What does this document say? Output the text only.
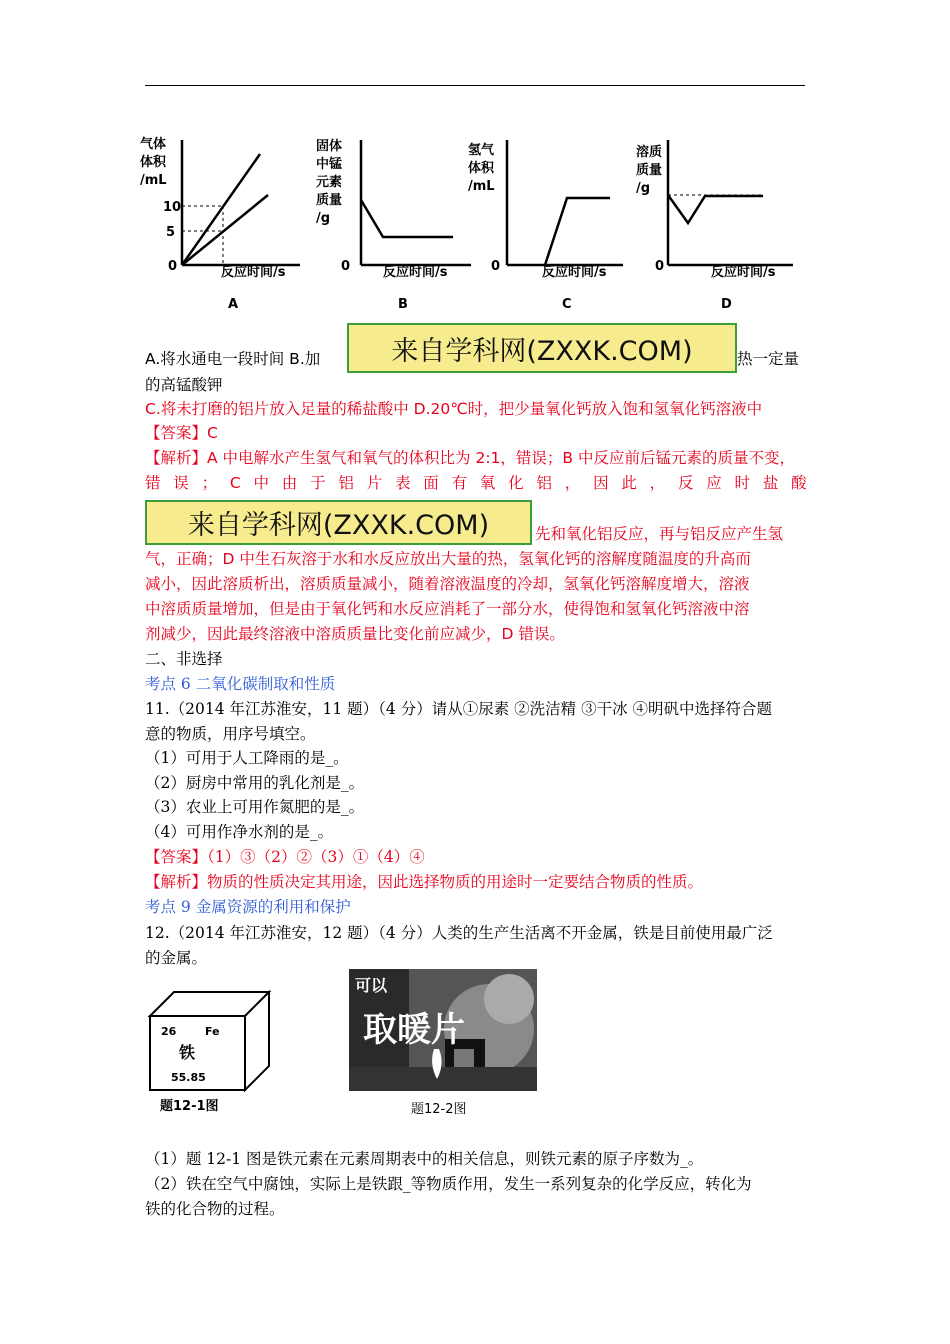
气体
体积
/mL
10
5
0	反应时间/s
A
固体
中锰
元素
质量
/g
0	反应时间/s
B
氢气
体积
/mL
0	反应时间/s
C
溶质
质量
/g
0	反应时间/s
D
A.将水通电一段时间 B.加	热一定量
来自学科网(ZXXK.COM)
的高锰酸钾
C.将未打磨的铝片放入足量的稀盐酸中 D.20℃时，把少量氧化钙放入饱和氢氧化钙溶液中
【答案】C
【解析】A 中电解水产生氢气和氧气的体积比为 2:1，错误；B 中反应前后锰元素的质量不变，
错 误 ； C 中 由 于 铝 片 表 面 有 氧 化 铝 ， 因 此 ， 反 应 时 盐 酸
来自学科网(ZXXK.COM)	先和氧化铝反应，再与铝反应产生氢
气，正确；D 中生石灰溶于水和水反应放出大量的热，氢氧化钙的溶解度随温度的升高而
减小，因此溶质析出，溶质质量减小，随着溶液温度的冷却，氢氧化钙溶解度增大，溶液
中溶质质量增加，但是由于氧化钙和水反应消耗了一部分水，使得饱和氢氧化钙溶液中溶
剂减少，因此最终溶液中溶质质量比变化前应减少，D 错误。
二、非选择
考点 6 二氧化碳制取和性质
11.（2014 年江苏淮安，11 题）（4 分）请从①尿素 ②洗洁精 ③干冰 ④明矾中选择符合题
意的物质，用序号填空。
（1）可用于人工降雨的是_。
（2）厨房中常用的乳化剂是_。
（3）农业上可用作氮肥的是_。
（4）可用作净水剂的是_。
【答案】（1）③（2）②（3）①（4）④
【解析】物质的性质决定其用途，因此选择物质的用途时一定要结合物质的性质。
考点 9 金属资源的利用和保护
12.（2014 年江苏淮安，12 题）（4 分）人类的生产生活离不开金属，铁是目前使用最广泛
的金属。
26	Fe
铁
55.85
题12-1图
可以
取暖片
题12-2图
（1）题 12-1 图是铁元素在元素周期表中的相关信息，则铁元素的原子序数为_。
（2）铁在空气中腐蚀，实际上是铁跟_等物质作用，发生一系列复杂的化学反应，转化为
铁的化合物的过程。
